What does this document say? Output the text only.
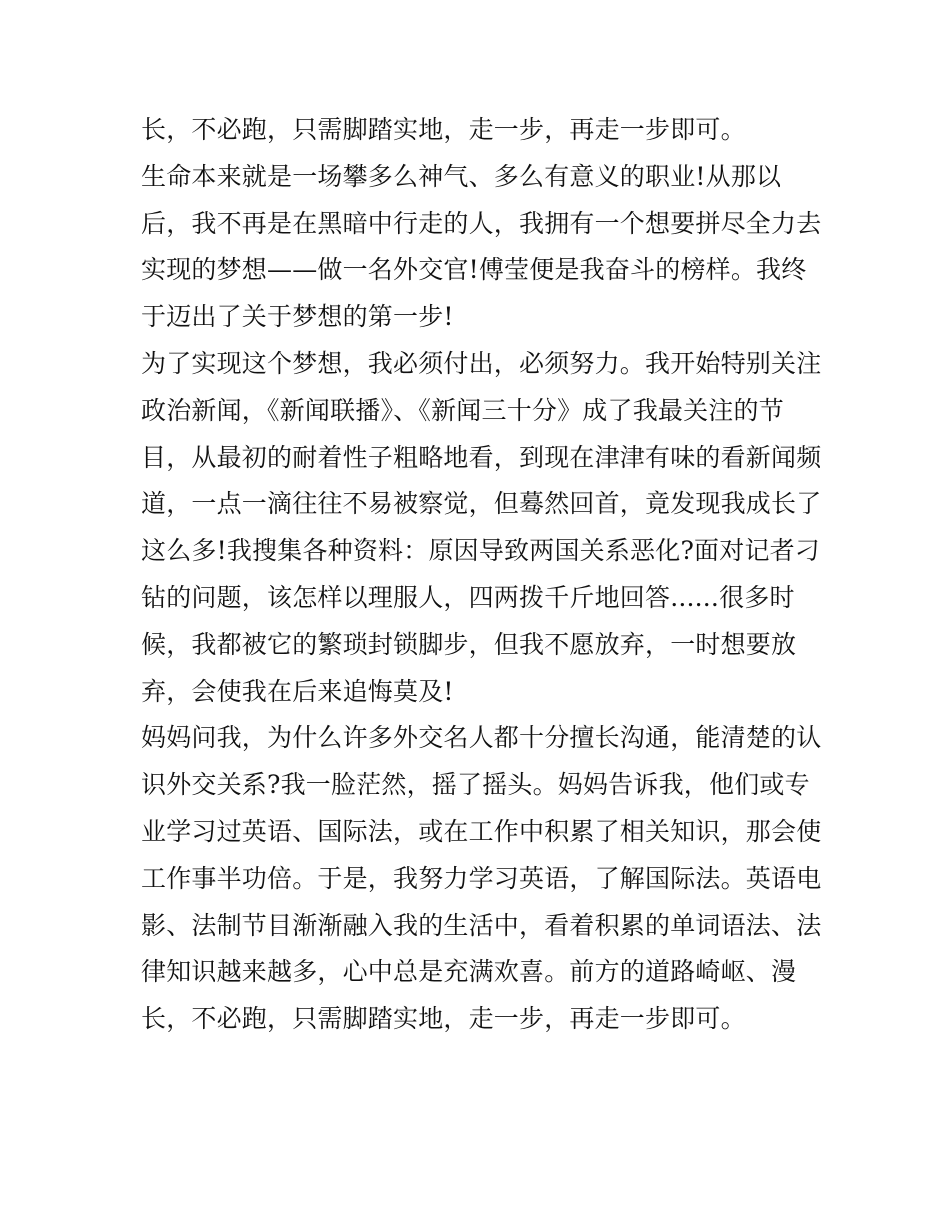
长，不必跑，只需脚踏实地，走一步，再走一步即可。
生命本来就是一场攀多么神气、多么有意义的职业!从那以
后，我不再是在黑暗中行走的人，我拥有一个想要拼尽全力去
实现的梦想——做一名外交官!傅莹便是我奋斗的榜样。我终
于迈出了关于梦想的第一步!
为了实现这个梦想，我必须付出，必须努力。我开始特别关注
政治新闻，《新闻联播》、《新闻三十分》成了我最关注的节
目，从最初的耐着性子粗略地看，到现在津津有味的看新闻频
道，一点一滴往往不易被察觉，但蓦然回首，竟发现我成长了
这么多!我搜集各种资料：原因导致两国关系恶化?面对记者刁
钻的问题，该怎样以理服人，四两拨千斤地回答......很多时
候，我都被它的繁琐封锁脚步，但我不愿放弃，一时想要放
弃，会使我在后来追悔莫及!
妈妈问我，为什么许多外交名人都十分擅长沟通，能清楚的认
识外交关系?我一脸茫然，摇了摇头。妈妈告诉我，他们或专
业学习过英语、国际法，或在工作中积累了相关知识，那会使
工作事半功倍。于是，我努力学习英语，了解国际法。英语电
影、法制节目渐渐融入我的生活中，看着积累的单词语法、法
律知识越来越多，心中总是充满欢喜。前方的道路崎岖、漫
长，不必跑，只需脚踏实地，走一步，再走一步即可。
